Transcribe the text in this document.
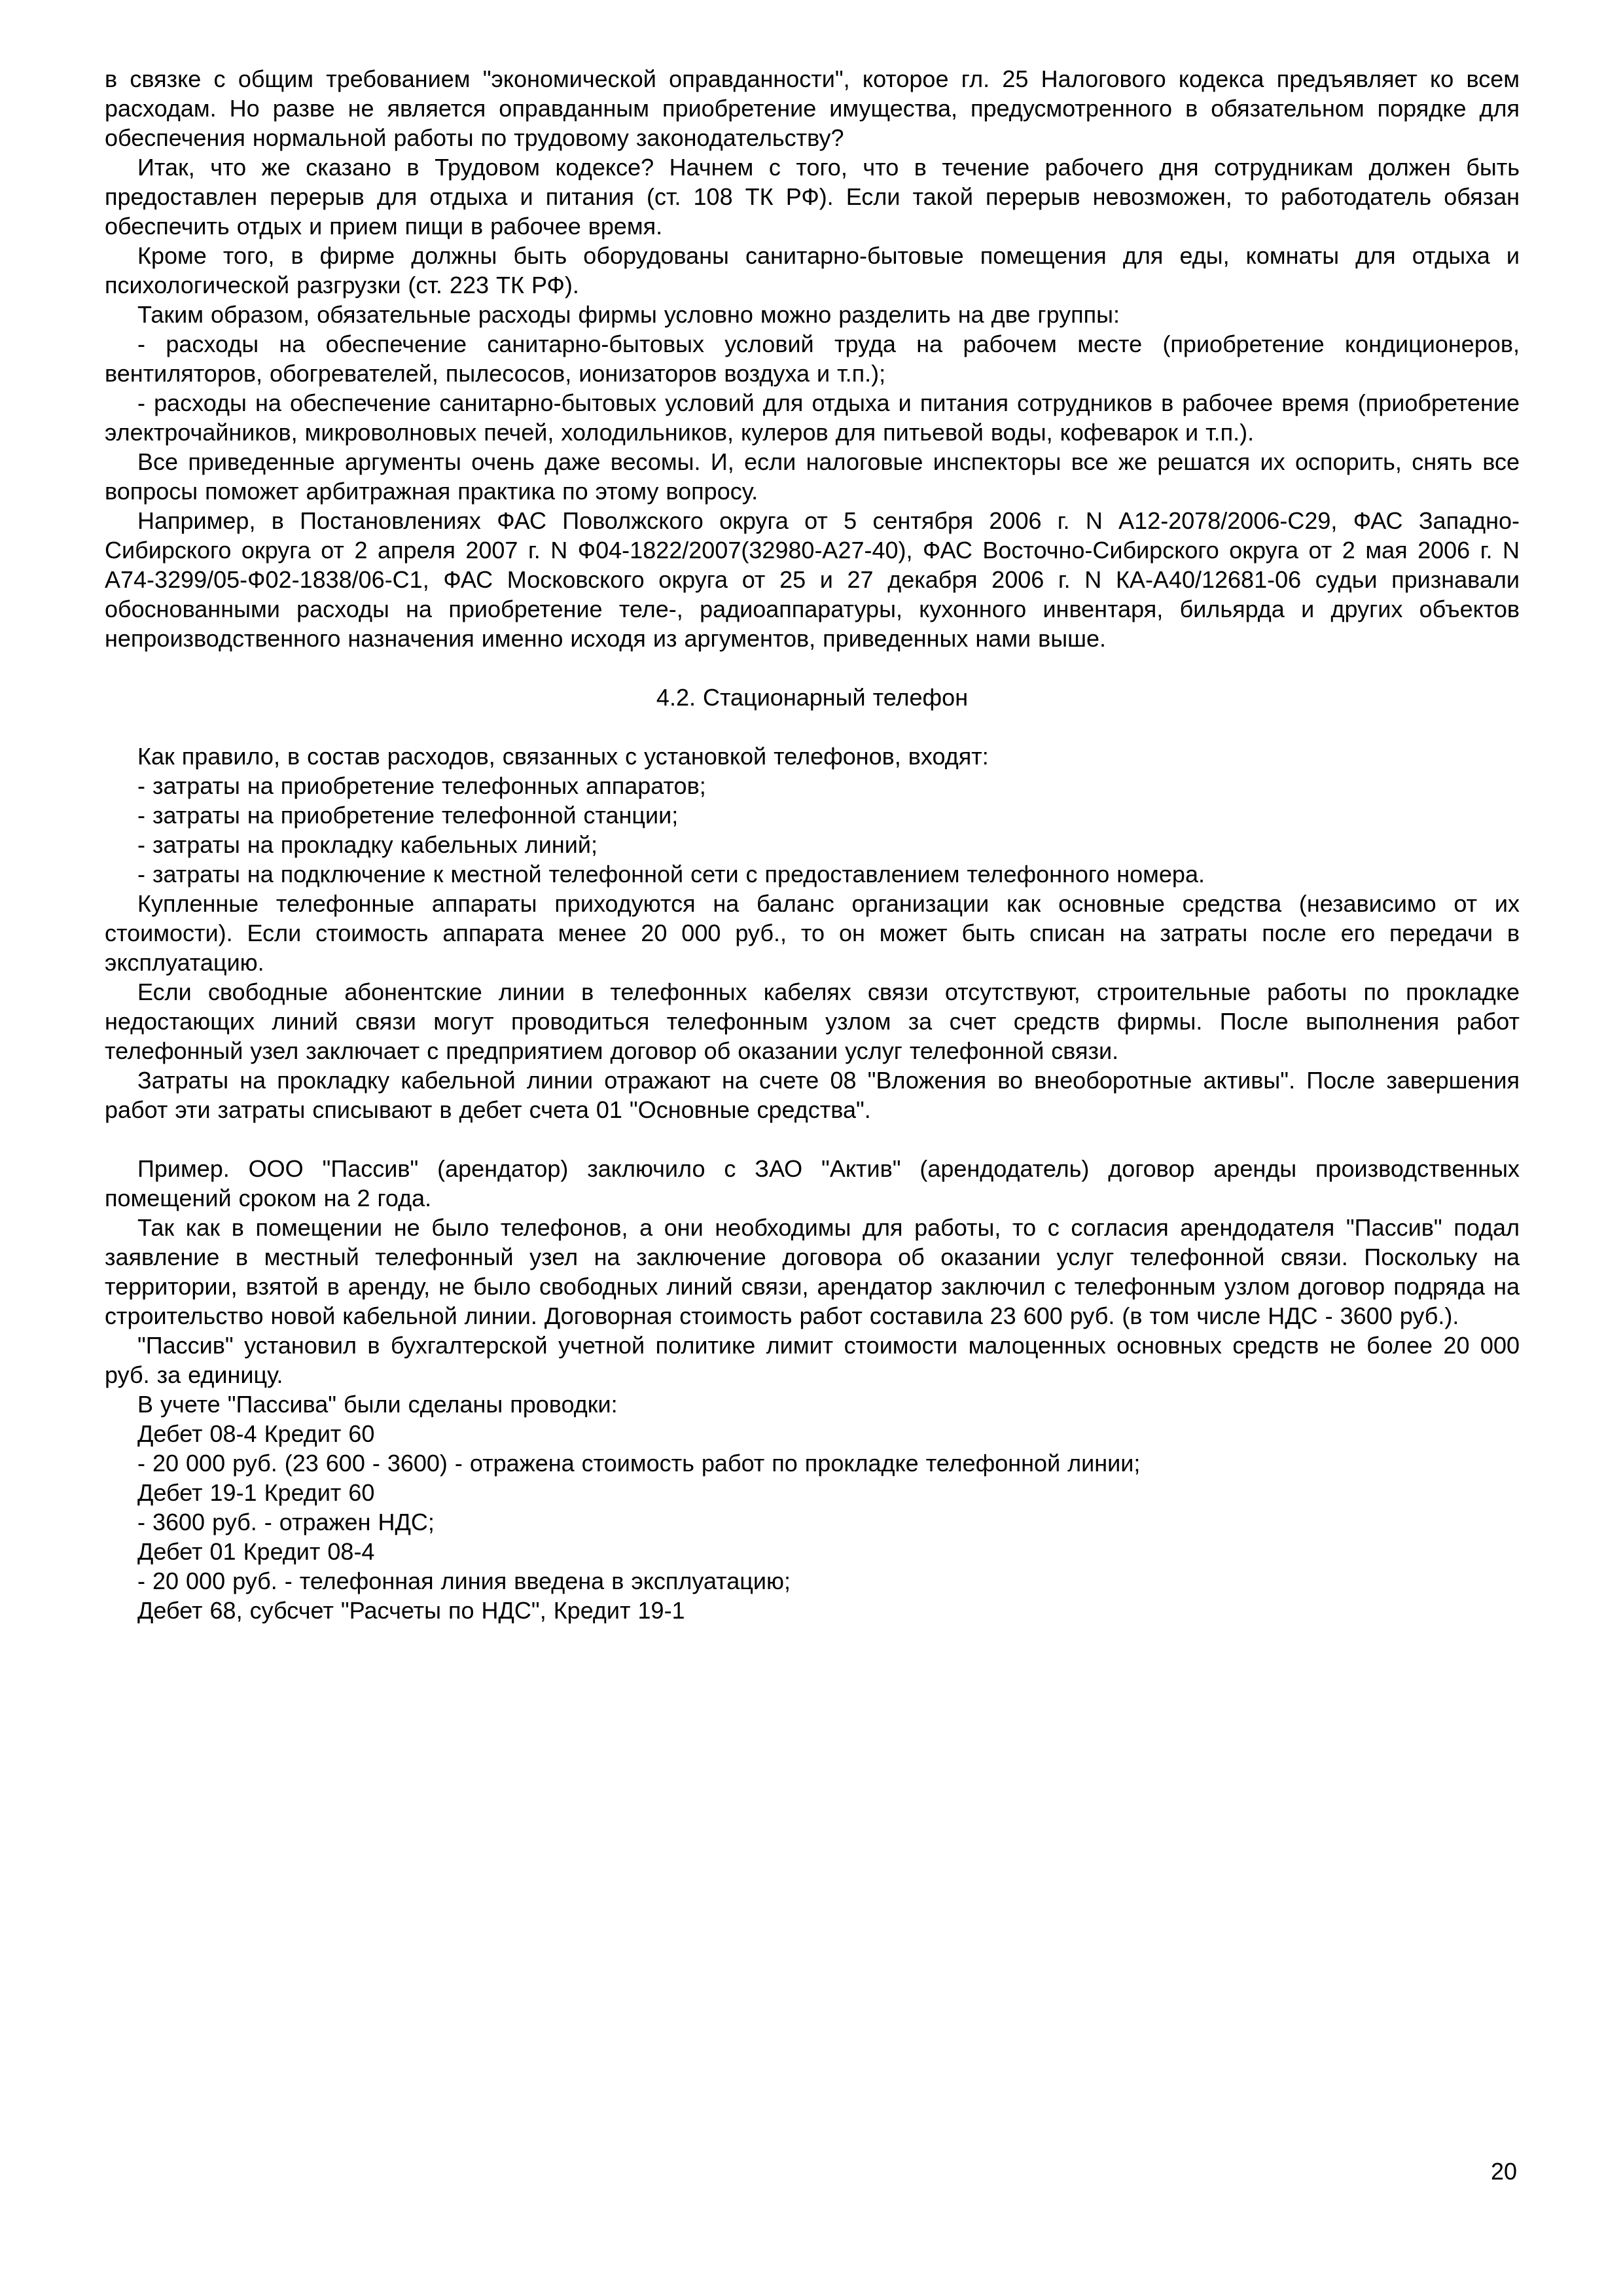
в связке с общим требованием "экономической оправданности", которое гл. 25 Налогового кодекса предъявляет ко всем расходам. Но разве не является оправданным приобретение имущества, предусмотренного в обязательном порядке для обеспечения нормальной работы по трудовому законодательству?

Итак, что же сказано в Трудовом кодексе? Начнем с того, что в течение рабочего дня сотрудникам должен быть предоставлен перерыв для отдыха и питания (ст. 108 ТК РФ). Если такой перерыв невозможен, то работодатель обязан обеспечить отдых и прием пищи в рабочее время.

Кроме того, в фирме должны быть оборудованы санитарно-бытовые помещения для еды, комнаты для отдыха и психологической разгрузки (ст. 223 ТК РФ).

Таким образом, обязательные расходы фирмы условно можно разделить на две группы:

- расходы на обеспечение санитарно-бытовых условий труда на рабочем месте (приобретение кондиционеров, вентиляторов, обогревателей, пылесосов, ионизаторов воздуха и т.п.);

- расходы на обеспечение санитарно-бытовых условий для отдыха и питания сотрудников в рабочее время (приобретение электрочайников, микроволновых печей, холодильников, кулеров для питьевой воды, кофеварок и т.п.).

Все приведенные аргументы очень даже весомы. И, если налоговые инспекторы все же решатся их оспорить, снять все вопросы поможет арбитражная практика по этому вопросу.

Например, в Постановлениях ФАС Поволжского округа от 5 сентября 2006 г. N А12-2078/2006-С29, ФАС Западно-Сибирского округа от 2 апреля 2007 г. N Ф04-1822/2007(32980-А27-40), ФАС Восточно-Сибирского округа от 2 мая 2006 г. N А74-3299/05-Ф02-1838/06-С1, ФАС Московского округа от 25 и 27 декабря 2006 г. N КА-А40/12681-06 судьи признавали обоснованными расходы на приобретение теле-, радиоаппаратуры, кухонного инвентаря, бильярда и других объектов непроизводственного назначения именно исходя из аргументов, приведенных нами выше.

4.2. Стационарный телефон

Как правило, в состав расходов, связанных с установкой телефонов, входят:

- затраты на приобретение телефонных аппаратов;

- затраты на приобретение телефонной станции;

- затраты на прокладку кабельных линий;

- затраты на подключение к местной телефонной сети с предоставлением телефонного номера.

Купленные телефонные аппараты приходуются на баланс организации как основные средства (независимо от их стоимости). Если стоимость аппарата менее 20 000 руб., то он может быть списан на затраты после его передачи в эксплуатацию.

Если свободные абонентские линии в телефонных кабелях связи отсутствуют, строительные работы по прокладке недостающих линий связи могут проводиться телефонным узлом за счет средств фирмы. После выполнения работ телефонный узел заключает с предприятием договор об оказании услуг телефонной связи.

Затраты на прокладку кабельной линии отражают на счете 08 "Вложения во внеоборотные активы". После завершения работ эти затраты списывают в дебет счета 01 "Основные средства".

Пример. ООО "Пассив" (арендатор) заключило с ЗАО "Актив" (арендодатель) договор аренды производственных помещений сроком на 2 года.

Так как в помещении не было телефонов, а они необходимы для работы, то с согласия арендодателя "Пассив" подал заявление в местный телефонный узел на заключение договора об оказании услуг телефонной связи. Поскольку на территории, взятой в аренду, не было свободных линий связи, арендатор заключил с телефонным узлом договор подряда на строительство новой кабельной линии. Договорная стоимость работ составила 23 600 руб. (в том числе НДС - 3600 руб.).

"Пассив" установил в бухгалтерской учетной политике лимит стоимости малоценных основных средств не более 20 000 руб. за единицу.

В учете "Пассива" были сделаны проводки:

Дебет 08-4 Кредит 60

- 20 000 руб. (23 600 - 3600) - отражена стоимость работ по прокладке телефонной линии;

Дебет 19-1 Кредит 60

- 3600 руб. - отражен НДС;

Дебет 01 Кредит 08-4

- 20 000 руб. - телефонная линия введена в эксплуатацию;

Дебет 68, субсчет "Расчеты по НДС", Кредит 19-1

20
